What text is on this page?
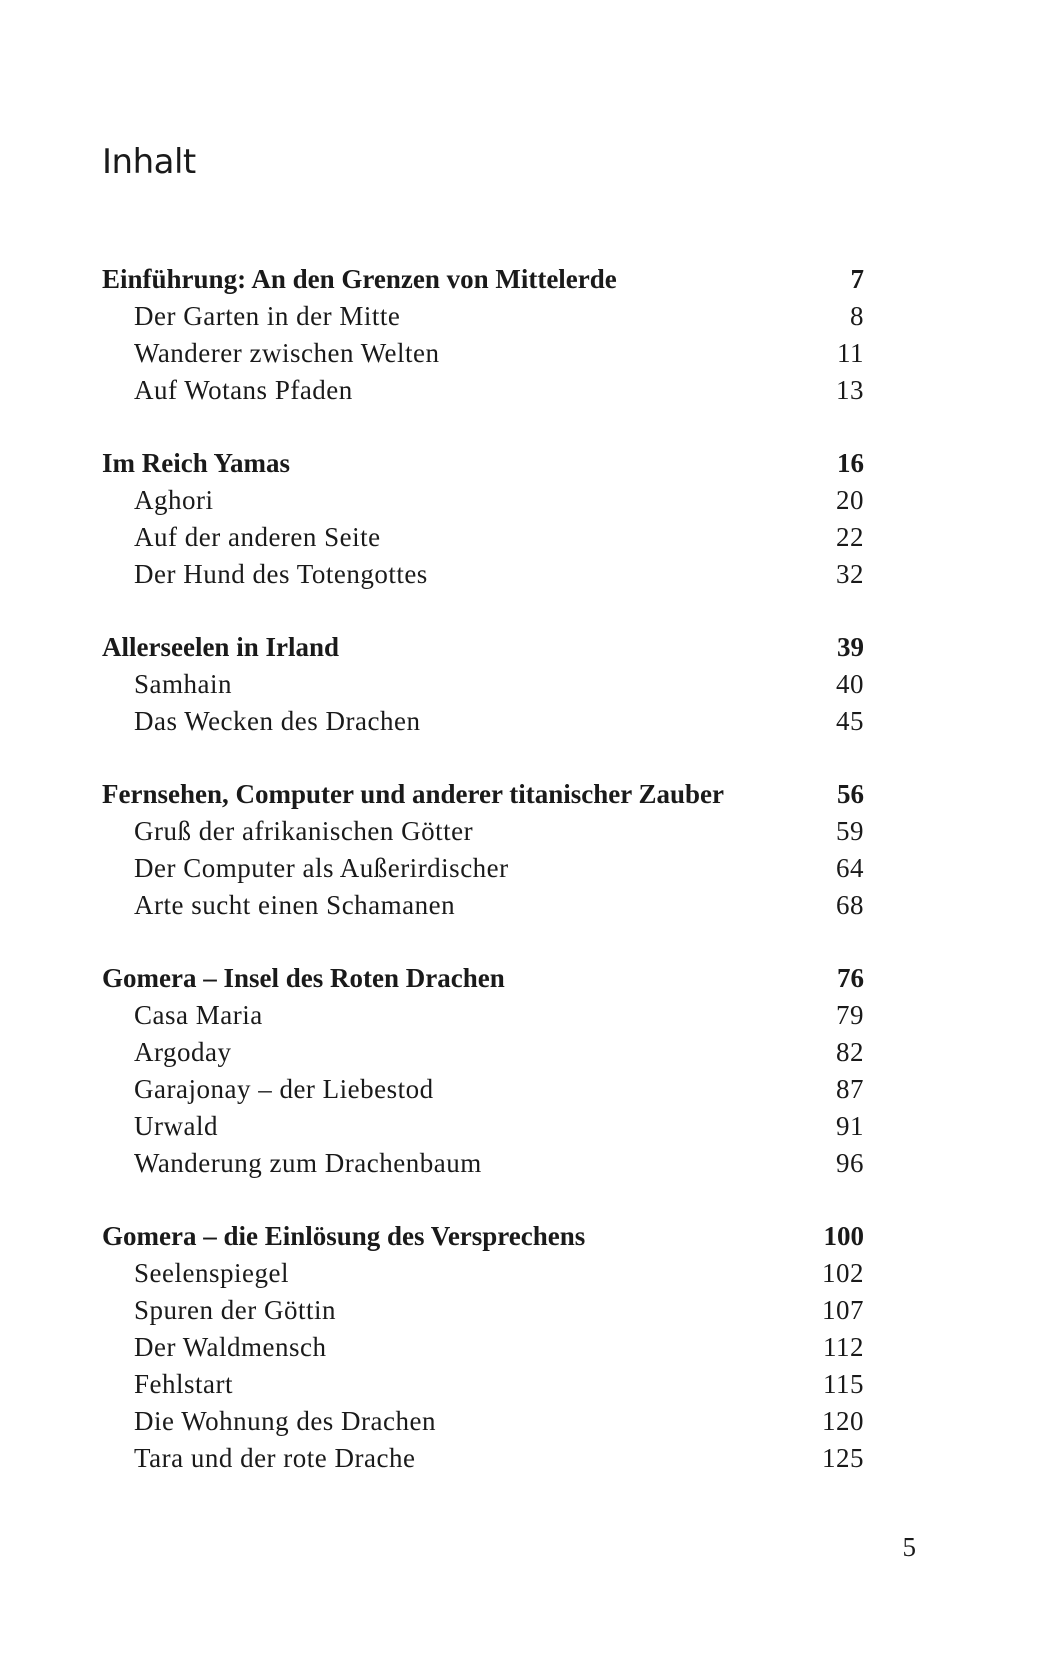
Inhalt
Einführung: An den Grenzen von Mittelerde	7
Der Garten in der Mitte	8
Wanderer zwischen Welten	11
Auf Wotans Pfaden	13
Im Reich Yamas	16
Aghori	20
Auf der anderen Seite	22
Der Hund des Totengottes	32
Allerseelen in Irland	39
Samhain	40
Das Wecken des Drachen	45
Fernsehen, Computer und anderer titanischer Zauber	56
Gruß der afrikanischen Götter	59
Der Computer als Außerirdischer	64
Arte sucht einen Schamanen	68
Gomera – Insel des Roten Drachen	76
Casa Maria	79
Argoday	82
Garajonay – der Liebestod	87
Urwald	91
Wanderung zum Drachenbaum	96
Gomera – die Einlösung des Versprechens	100
Seelenspiegel	102
Spuren der Göttin	107
Der Waldmensch	112
Fehlstart	115
Die Wohnung des Drachen	120
Tara und der rote Drache	125
5
